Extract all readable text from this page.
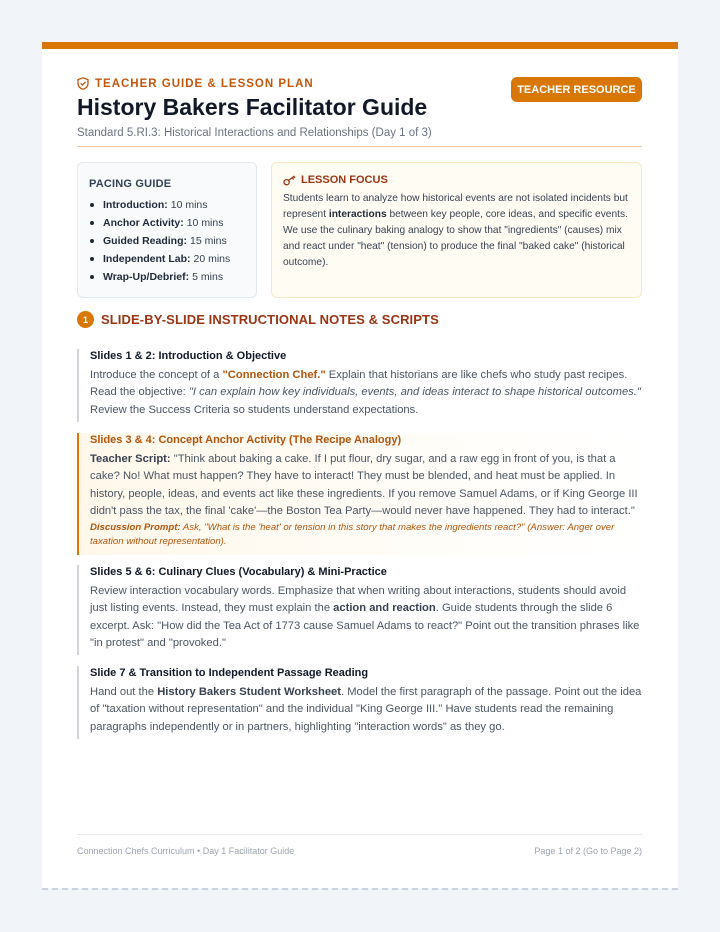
TEACHER GUIDE & LESSON PLAN
History Bakers Facilitator Guide
Standard 5.RI.3: Historical Interactions and Relationships (Day 1 of 3)
TEACHER RESOURCE
PACING GUIDE
Introduction: 10 mins
Anchor Activity: 10 mins
Guided Reading: 15 mins
Independent Lab: 20 mins
Wrap-Up/Debrief: 5 mins
LESSON FOCUS
Students learn to analyze how historical events are not isolated incidents but represent interactions between key people, core ideas, and specific events. We use the culinary baking analogy to show that "ingredients" (causes) mix and react under "heat" (tension) to produce the final "baked cake" (historical outcome).
1	SLIDE-BY-SLIDE INSTRUCTIONAL NOTES & SCRIPTS
Slides 1 & 2: Introduction & Objective
Introduce the concept of a "Connection Chef." Explain that historians are like chefs who study past recipes. Read the objective: "I can explain how key individuals, events, and ideas interact to shape historical outcomes." Review the Success Criteria so students understand expectations.
Slides 3 & 4: Concept Anchor Activity (The Recipe Analogy)
Teacher Script: "Think about baking a cake. If I put flour, dry sugar, and a raw egg in front of you, is that a cake? No! What must happen? They have to interact! They must be blended, and heat must be applied. In history, people, ideas, and events act like these ingredients. If you remove Samuel Adams, or if King George III didn't pass the tax, the final 'cake'—the Boston Tea Party—would never have happened. They had to interact."
Discussion Prompt: Ask, "What is the 'heat' or tension in this story that makes the ingredients react?" (Answer: Anger over taxation without representation).
Slides 5 & 6: Culinary Clues (Vocabulary) & Mini-Practice
Review interaction vocabulary words. Emphasize that when writing about interactions, students should avoid just listing events. Instead, they must explain the action and reaction. Guide students through the slide 6 excerpt. Ask: "How did the Tea Act of 1773 cause Samuel Adams to react?" Point out the transition phrases like "in protest" and "provoked."
Slide 7 & Transition to Independent Passage Reading
Hand out the History Bakers Student Worksheet. Model the first paragraph of the passage. Point out the idea of "taxation without representation" and the individual "King George III." Have students read the remaining paragraphs independently or in partners, highlighting "interaction words" as they go.
Connection Chefs Curriculum • Day 1 Facilitator Guide	Page 1 of 2 (Go to Page 2)
